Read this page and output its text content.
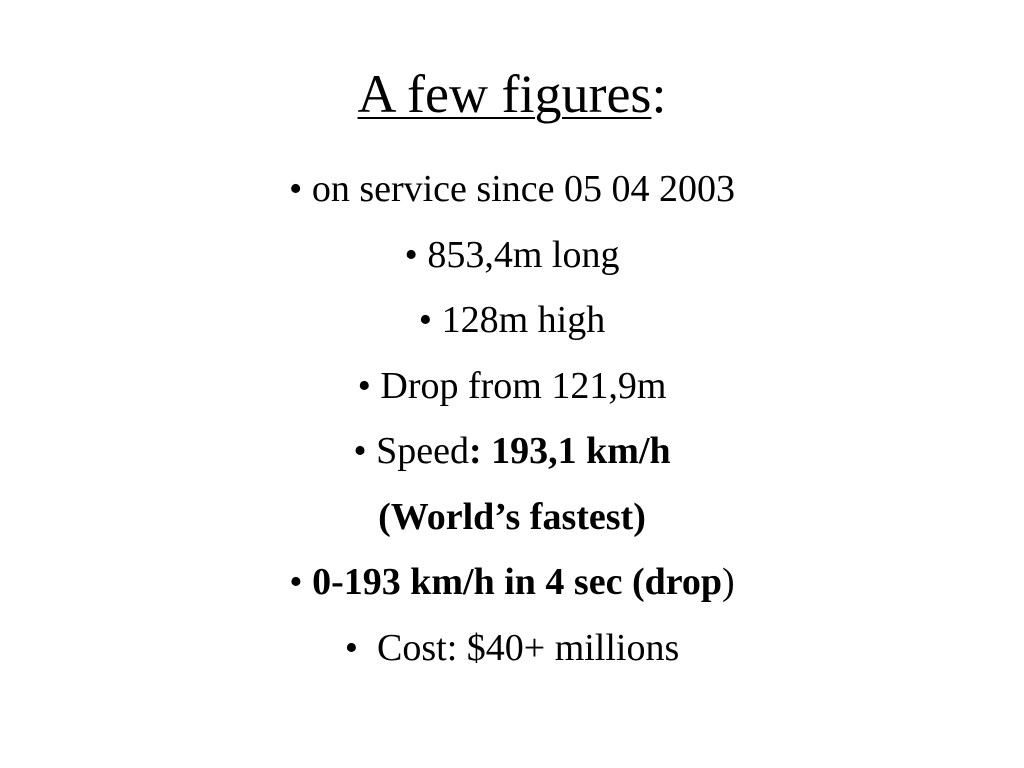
A few figures:
• on service since 05 04 2003
• 853,4m long
• 128m high
• Drop from 121,9m
• Speed: 193,1 km/h
(World’s fastest)
• 0-193 km/h in 4 sec (drop)
• Cost: $40+ millions
